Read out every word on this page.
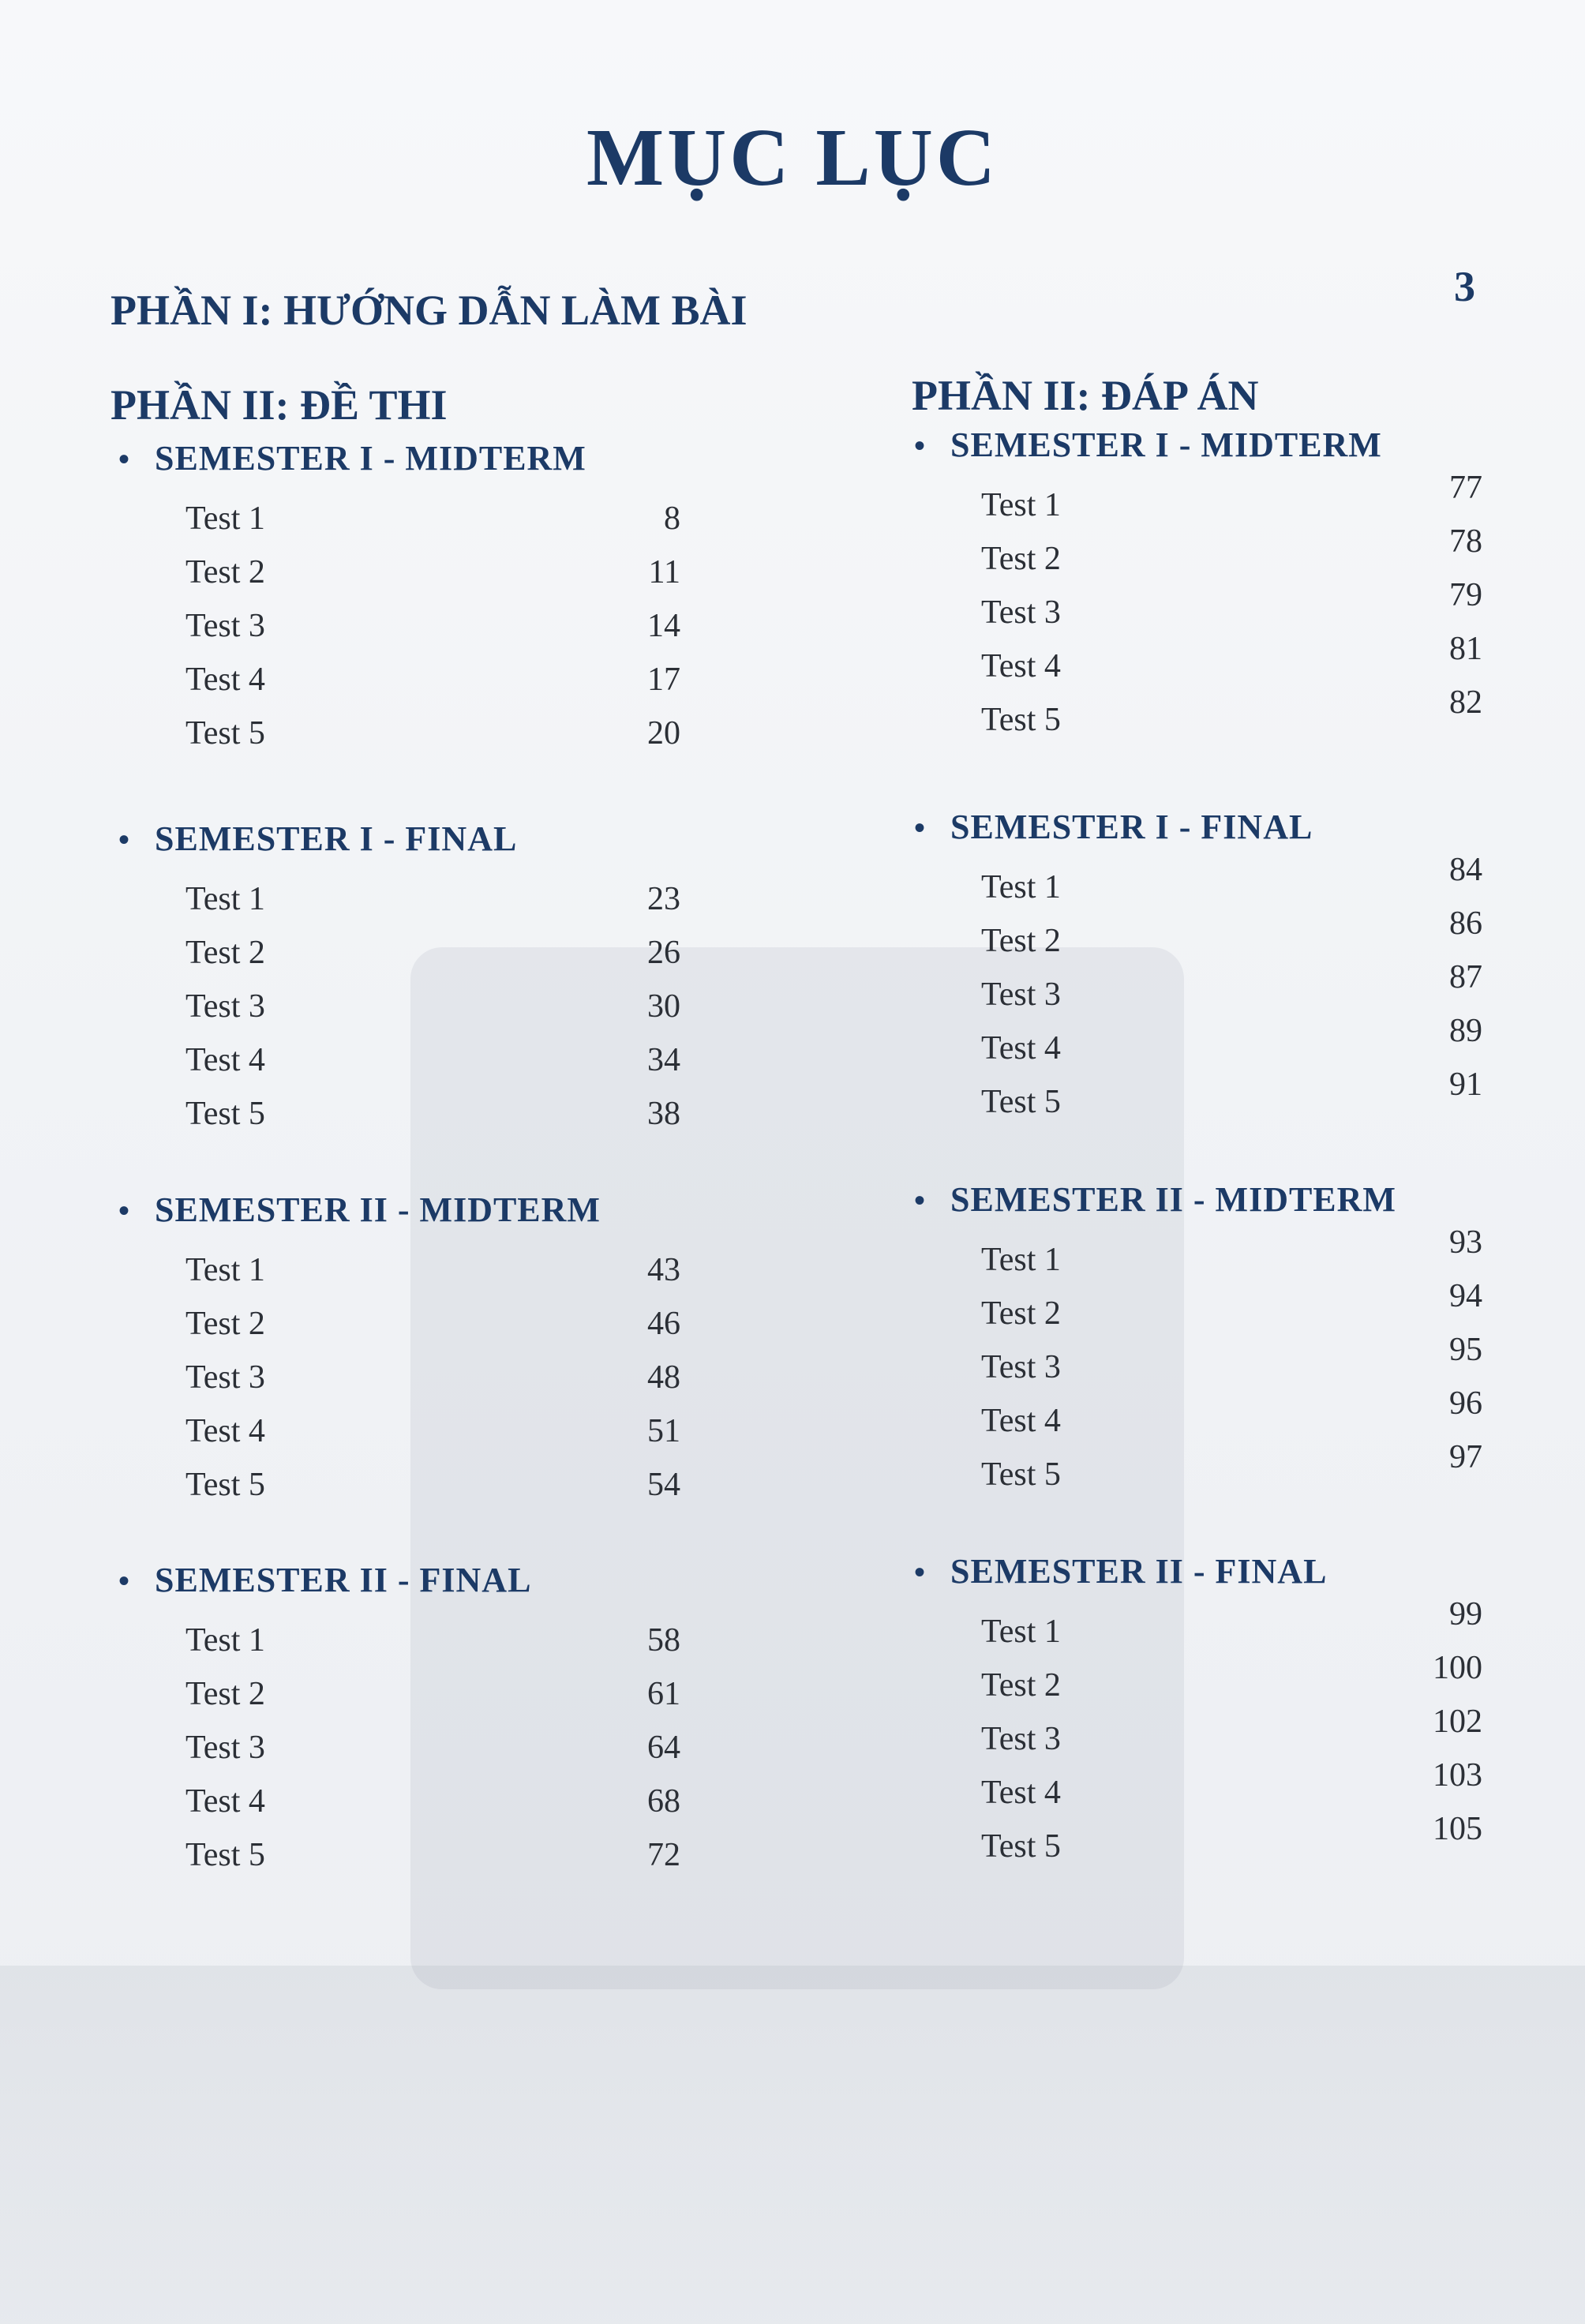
MỤC LỤC
PHẦN I: HƯỚNG DẪN LÀM BÀI	3
PHẦN II: ĐỀ THI	PHẦN II: ĐÁP ÁN
• SEMESTER I - MIDTERM
Test 1	8
Test 2	11
Test 3	14
Test 4	17
Test 5	20
• SEMESTER I - FINAL
Test 1	23
Test 2	26
Test 3	30
Test 4	34
Test 5	38
• SEMESTER II - MIDTERM
Test 1	43
Test 2	46
Test 3	48
Test 4	51
Test 5	54
• SEMESTER II - FINAL
Test 1	58
Test 2	61
Test 3	64
Test 4	68
Test 5	72
• SEMESTER I - MIDTERM
Test 1	77
Test 2	78
Test 3	79
Test 4	81
Test 5	82
• SEMESTER I - FINAL
Test 1	84
Test 2	86
Test 3	87
Test 4	89
Test 5	91
• SEMESTER II - MIDTERM
Test 1	93
Test 2	94
Test 3	95
Test 4	96
Test 5	97
• SEMESTER II - FINAL
Test 1	99
Test 2	100
Test 3	102
Test 4	103
Test 5	105
